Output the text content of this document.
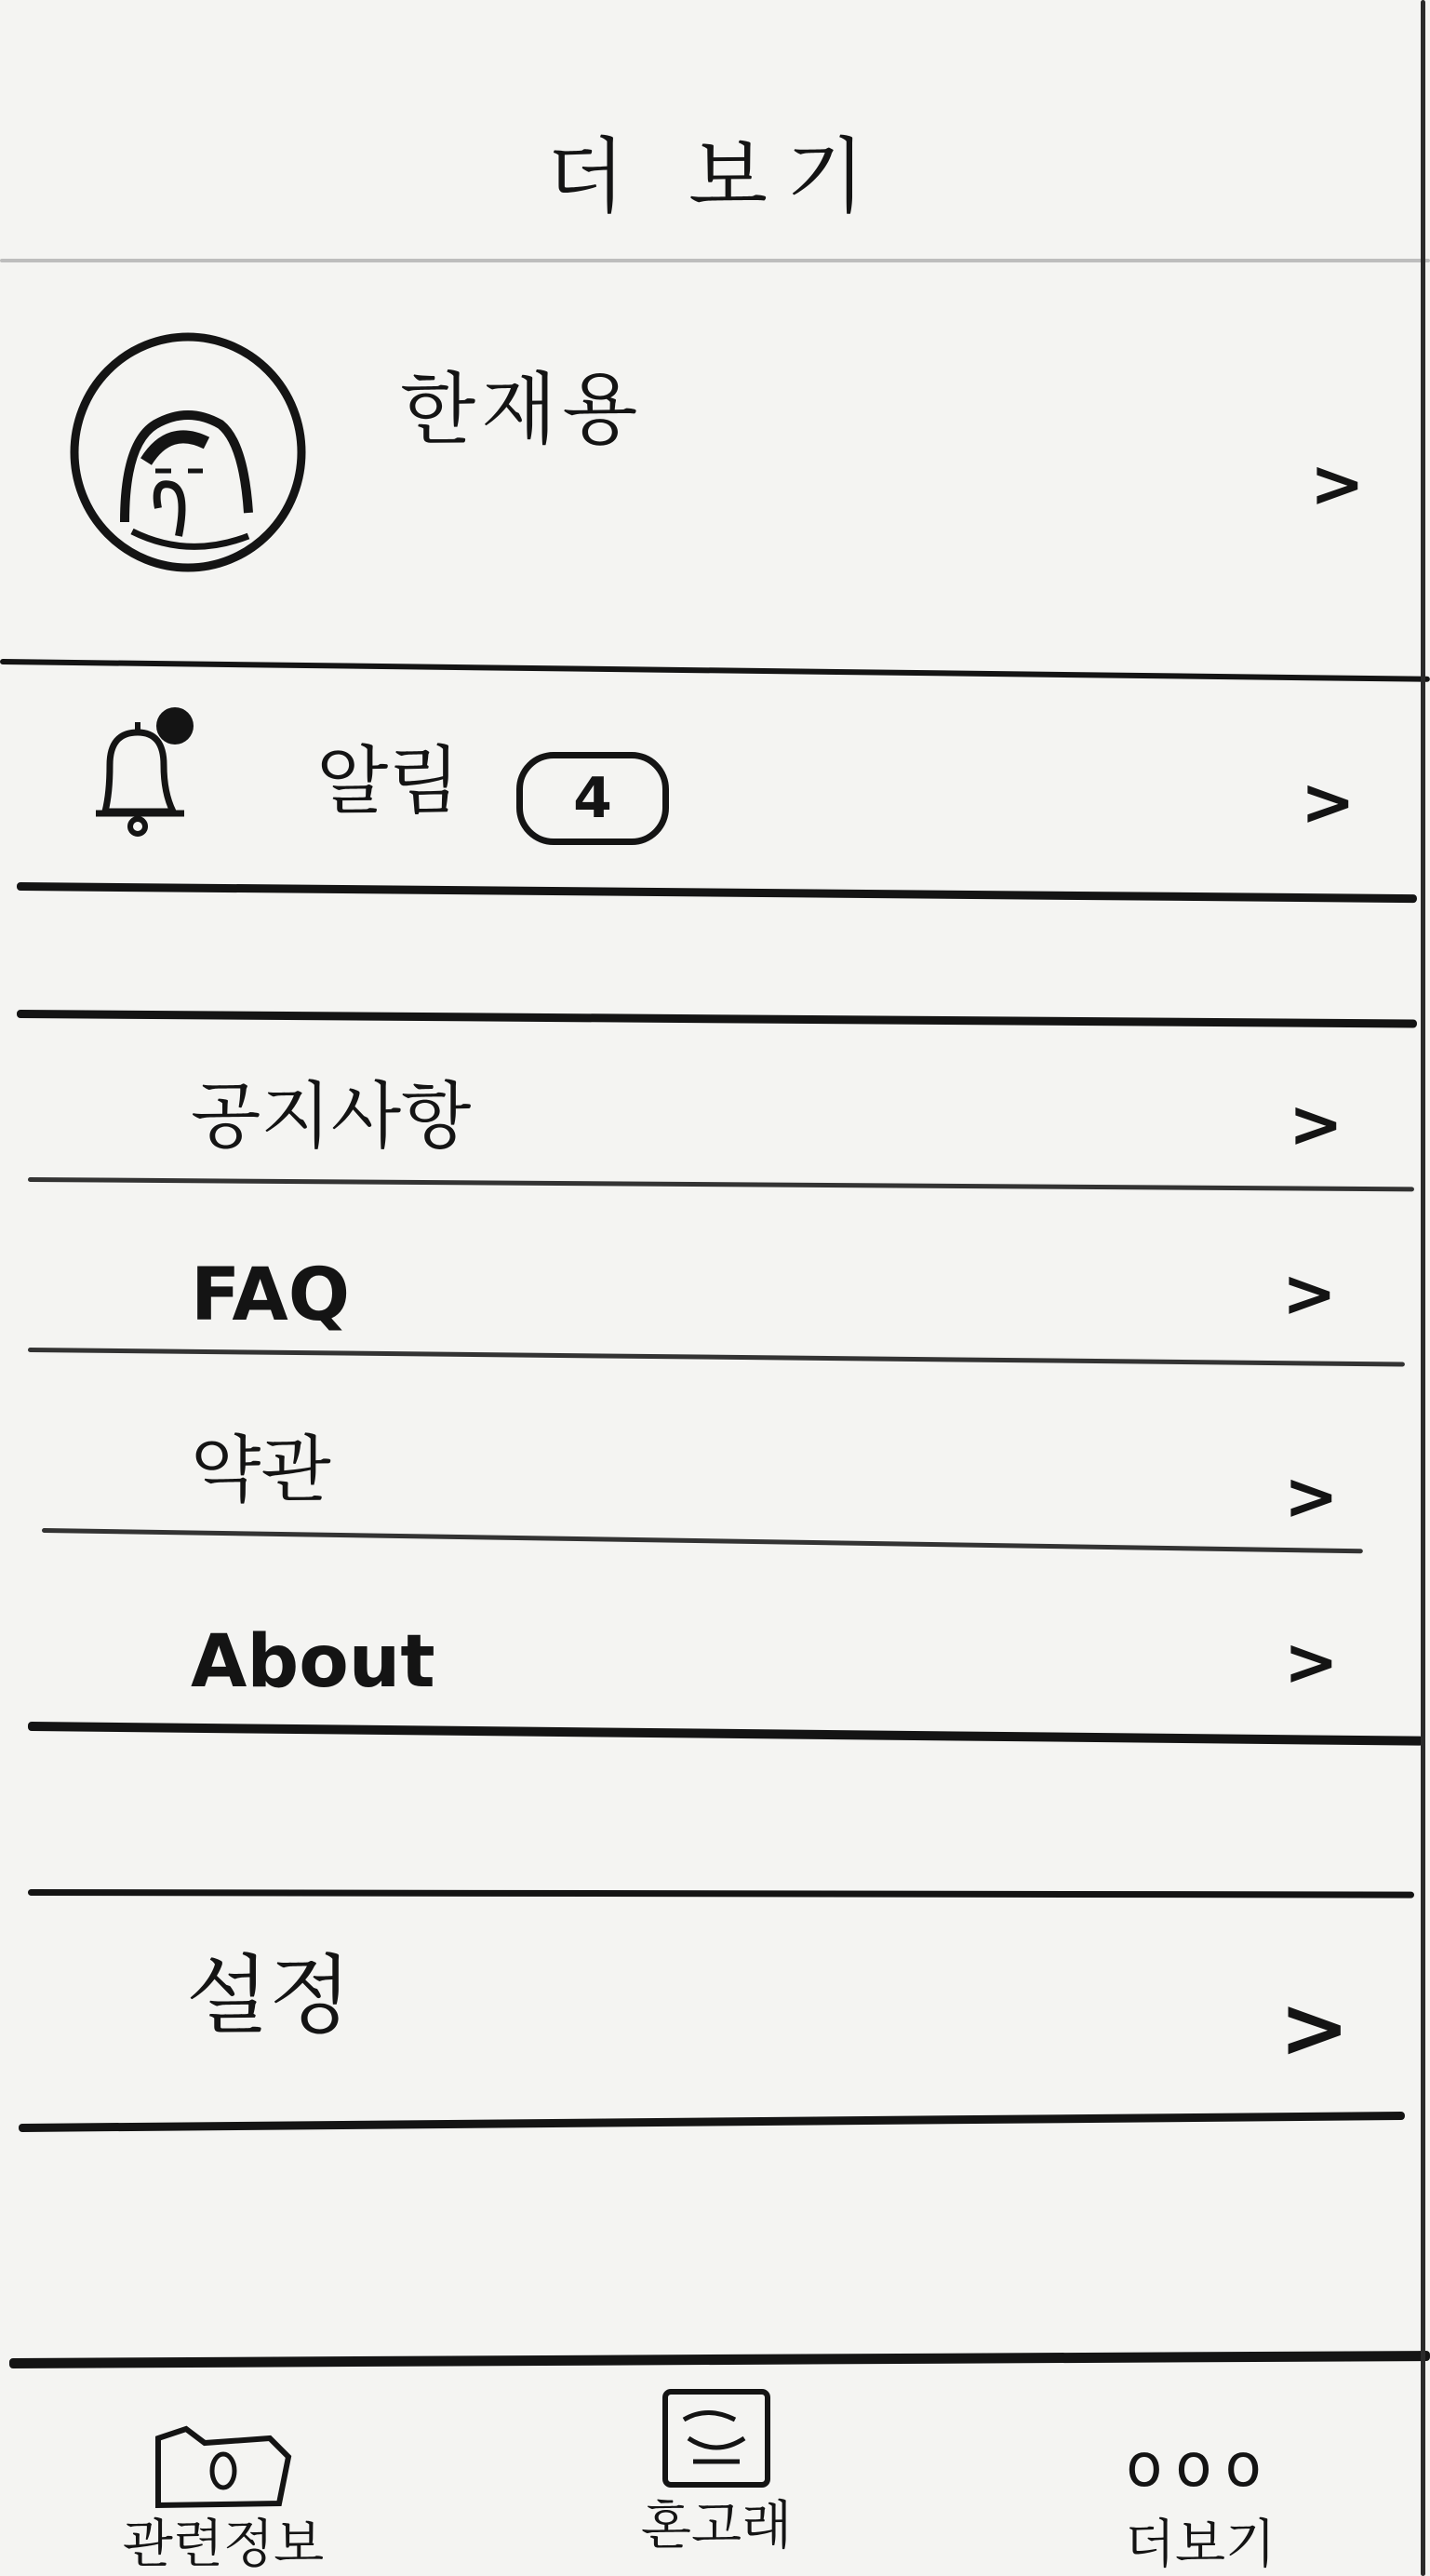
더 보기
한재용
>
알림	4	>
공지사항	>
FAQ	>
약관	>
About	>
설정	>
관련정보	혼고래
ooo
더보기
